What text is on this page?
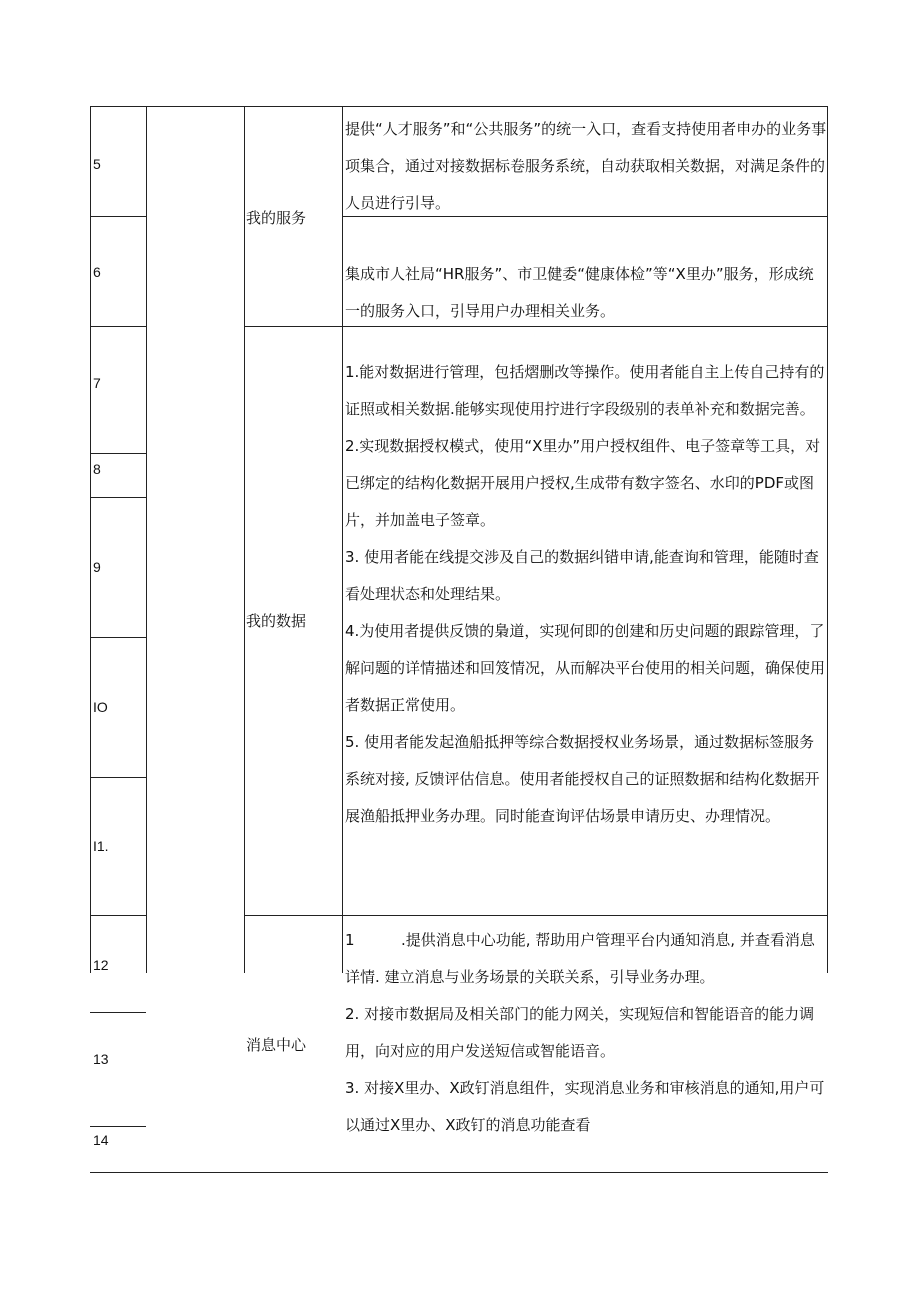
5
6
7
8
9
IO
I1.
12
13
14
我的服务
我的数据
消息中心
提供“人才服务”和“公共服务”的统一入口，查看支持使用者申办的业务事项集合，通过对接数据标卷服务系统，自动获取相关数据，对满足条件的人员进行引导。
集成市人社局“HR服务”、市卫健委“健康体检”等“X里办”服务，形成统一的服务入口，引导用户办理相关业务。
1.能对数据进行管理，包括熠删改等操作。使用者能自主上传自己持有的证照或相关数据.能够实现使用拧进行字段级别的表单补充和数据完善。
2.实现数据授权模式，使用“X里办”用户授权组件、电子签章等工具，对已绑定的结构化数据开展用户授权,生成带有数字签名、水印的PDF或图片，并加盖电子签章。
3. 使用者能在线提交涉及自己的数据纠错申请,能查询和管理，能随时查看处理状态和处理结果。
4.为使用者提供反馈的梟道，实现何即的创建和历史问题的跟踪管理，了解问题的详情描述和回笈情况，从而解决平台使用的相关问题，确保使用者数据正常使用。
5. 使用者能发起渔船抵押等综合数据授权业务场景，通过数据标签服务系统对接, 反馈评估信息。使用者能授权自己的证照数据和结构化数据开展渔船抵押业务办理。同时能查询评估场景申请历史、办理情况。
1	.提供消息中心功能, 帮助用户管理平台内通知消息, 并查看消息详情. 建立消息与业务场景的关联关系，引导业务办理。
2. 对接市数据局及相关部门的能力网关，实现短信和智能语音的能力调用，向对应的用户发送短信或智能语音。
3. 对接X里办、X政钉消息组件，实现消息业务和审核消息的通知,用户可以通过X里办、X政钉的消息功能查看
